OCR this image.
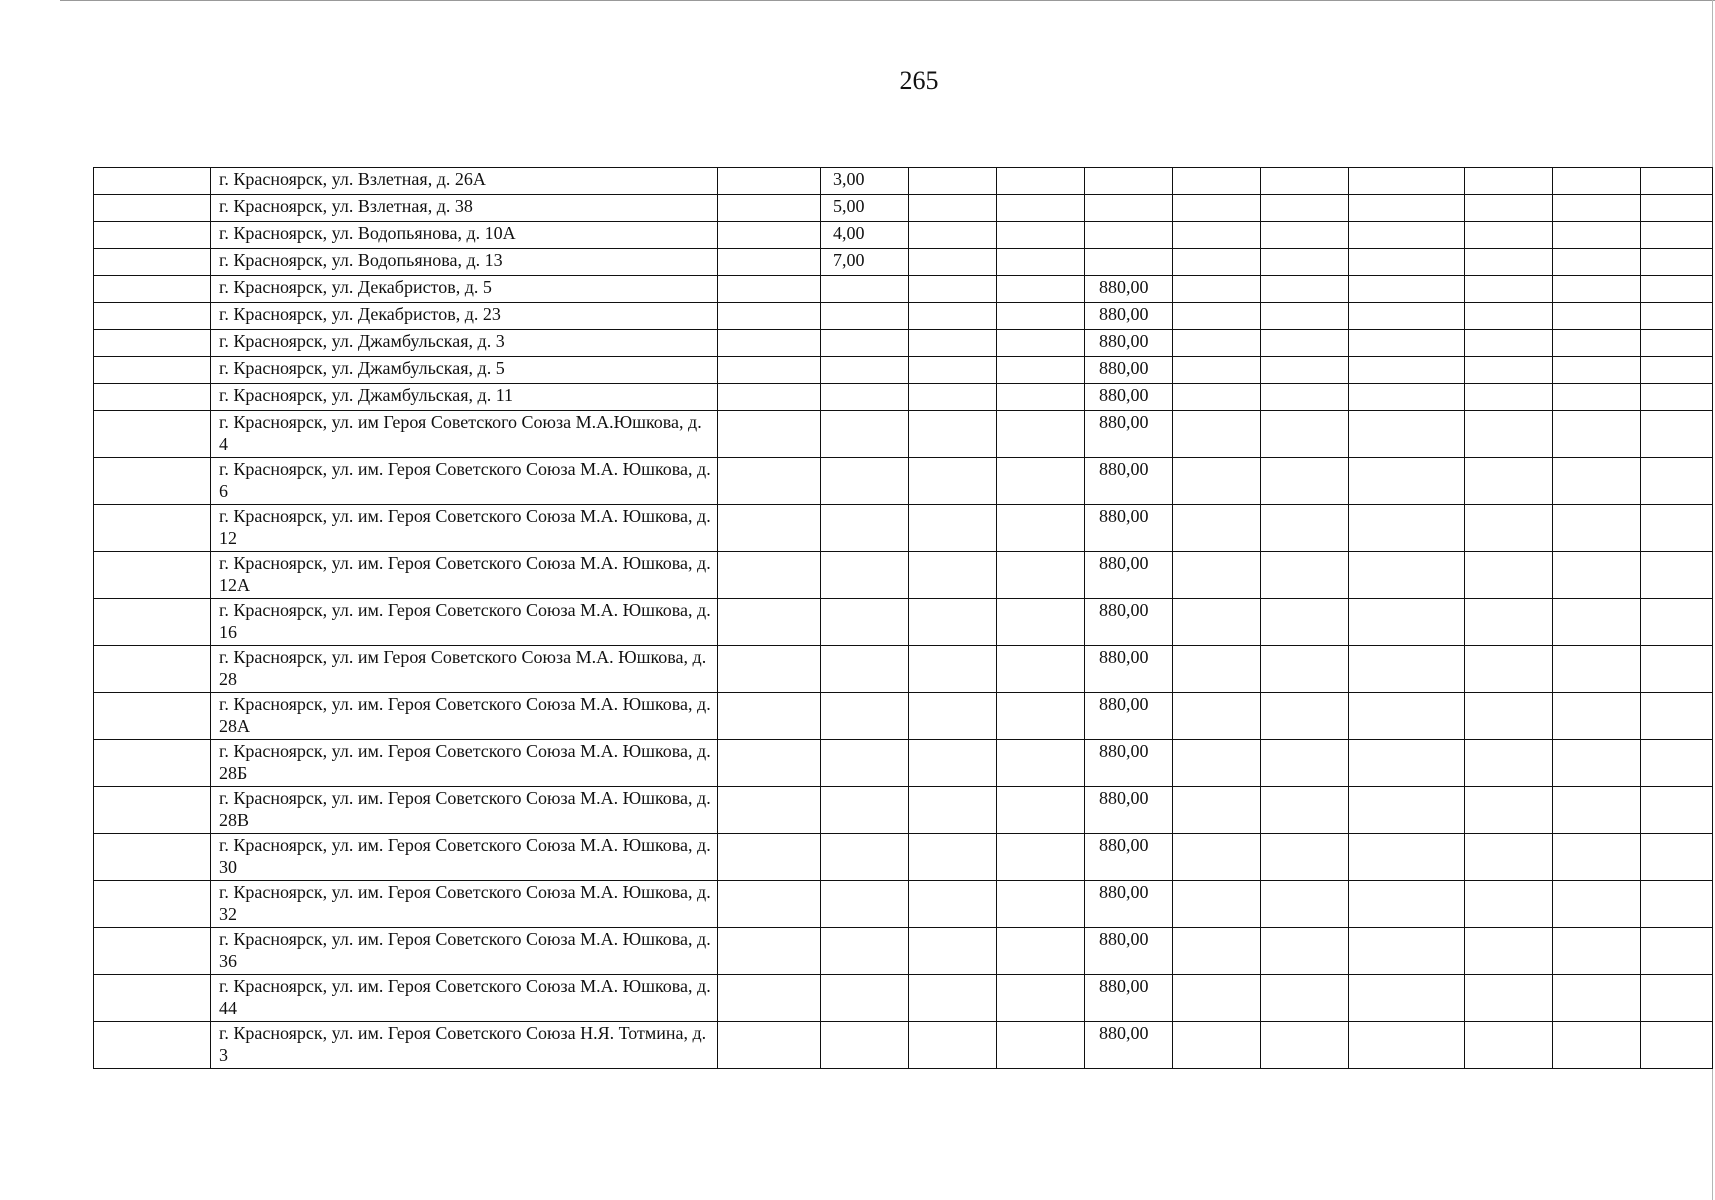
265
	г. Красноярск, ул. Взлетная, д. 26А		3,00									
	г. Красноярск, ул. Взлетная, д. 38		5,00									
	г. Красноярск, ул. Водопьянова, д. 10А		4,00									
	г. Красноярск, ул. Водопьянова, д. 13		7,00									
	г. Красноярск, ул. Декабристов, д. 5					880,00						
	г. Красноярск, ул. Декабристов, д. 23					880,00						
	г. Красноярск, ул. Джамбульская, д. 3					880,00						
	г. Красноярск, ул. Джамбульская, д. 5					880,00						
	г. Красноярск, ул. Джамбульская, д. 11					880,00						
	г. Красноярск, ул. им Героя Советского Союза М.А.Юшкова, д. 4					880,00						
	г. Красноярск, ул. им. Героя Советского Союза М.А. Юшкова, д. 6					880,00						
	г. Красноярск, ул. им. Героя Советского Союза М.А. Юшкова, д. 12					880,00						
	г. Красноярск, ул. им. Героя Советского Союза М.А. Юшкова, д. 12А					880,00						
	г. Красноярск, ул. им. Героя Советского Союза М.А. Юшкова, д. 16					880,00						
	г. Красноярск, ул. им Героя Советского Союза М.А. Юшкова, д. 28					880,00						
	г. Красноярск, ул. им. Героя Советского Союза М.А. Юшкова, д. 28А					880,00						
	г. Красноярск, ул. им. Героя Советского Союза М.А. Юшкова, д. 28Б					880,00						
	г. Красноярск, ул. им. Героя Советского Союза М.А. Юшкова, д. 28В					880,00						
	г. Красноярск, ул. им. Героя Советского Союза М.А. Юшкова, д. 30					880,00						
	г. Красноярск, ул. им. Героя Советского Союза М.А. Юшкова, д. 32					880,00						
	г. Красноярск, ул. им. Героя Советского Союза М.А. Юшкова, д. 36					880,00						
	г. Красноярск, ул. им. Героя Советского Союза М.А. Юшкова, д. 44					880,00						
	г. Красноярск, ул. им. Героя Советского Союза Н.Я. Тотмина, д. 3					880,00						
